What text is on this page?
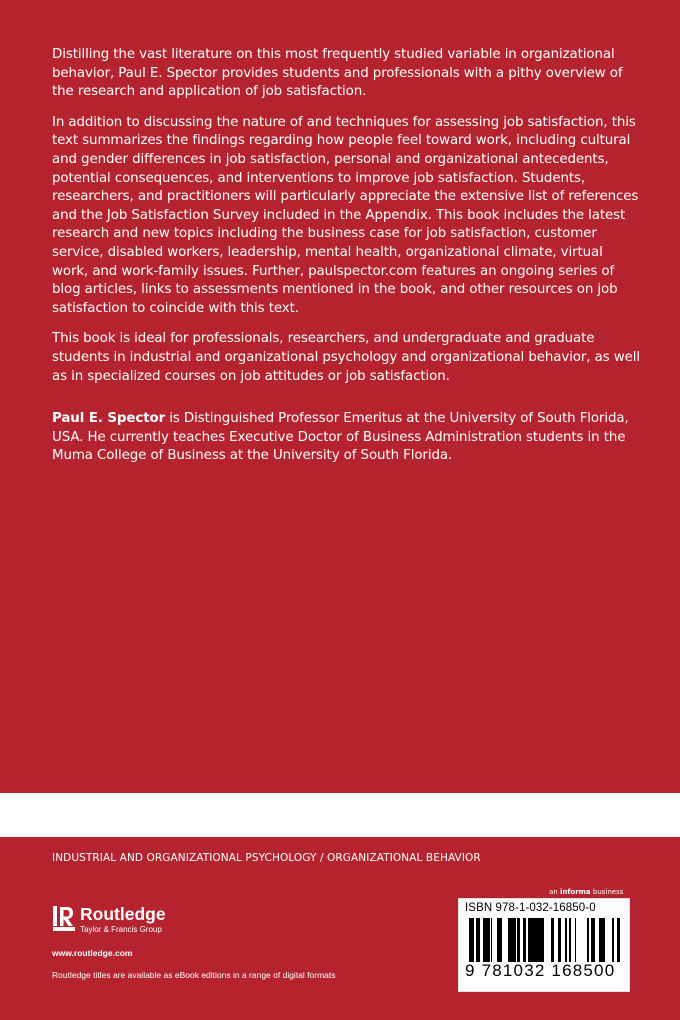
Distilling the vast literature on this most frequently studied variable in organizational behavior, Paul E. Spector provides students and professionals with a pithy overview of the research and application of job satisfaction.

In addition to discussing the nature of and techniques for assessing job satisfaction, this text summarizes the findings regarding how people feel toward work, including cultural and gender differences in job satisfaction, personal and organizational antecedents, potential consequences, and interventions to improve job satisfaction. Students, researchers, and practitioners will particularly appreciate the extensive list of references and the Job Satisfaction Survey included in the Appendix. This book includes the latest research and new topics including the business case for job satisfaction, customer service, disabled workers, leadership, mental health, organizational climate, virtual work, and work-family issues. Further, paulspector.com features an ongoing series of blog articles, links to assessments mentioned in the book, and other resources on job satisfaction to coincide with this text.

This book is ideal for professionals, researchers, and undergraduate and graduate students in industrial and organizational psychology and organizational behavior, as well as in specialized courses on job attitudes or job satisfaction.

Paul E. Spector is Distinguished Professor Emeritus at the University of South Florida, USA. He currently teaches Executive Doctor of Business Administration students in the Muma College of Business at the University of South Florida.

INDUSTRIAL AND ORGANIZATIONAL PSYCHOLOGY / ORGANIZATIONAL BEHAVIOR
an informa business
ISBN 978-1-032-16850-0
9 781032 168500
Routledge
Taylor & Francis Group
www.routledge.com
Routledge titles are available as eBook editions in a range of digital formats
